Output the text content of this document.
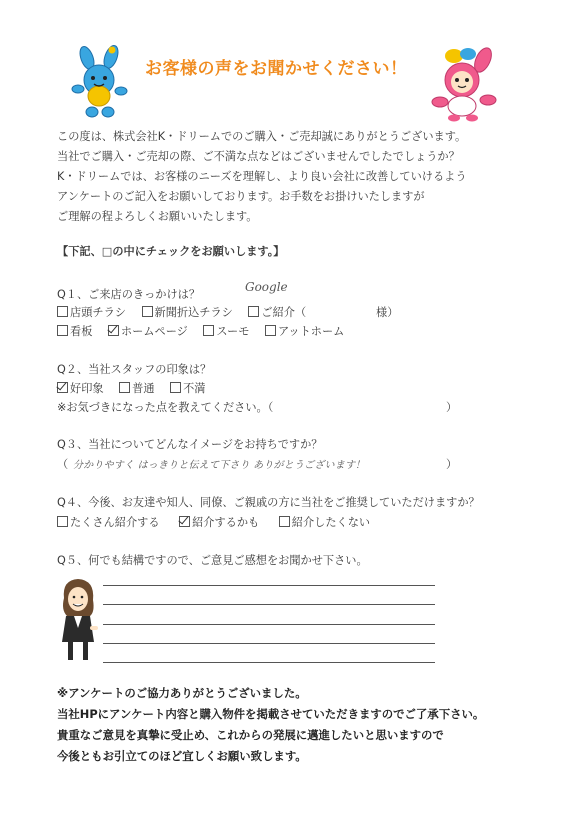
お客様の声をお聞かせください！
この度は、株式会社K・ドリームでのご購入・ご売却誠にありがとうございます。
当社でご購入・ご売却の際、ご不満な点などはございませんでしたでしょうか？
K・ドリームでは、お客様のニーズを理解し、より良い会社に改善していけるよう
アンケートのご記入をお願いしております。お手数をお掛けいたしますが
ご理解の程よろしくお願いいたします。
【下記、□の中にチェックをお願いします。】
Q１、ご来店のきっかけは？
Google
店頭チラシ	新聞折込チラシ	ご紹介（	様）
看板	ホームページ	スーモ	アットホーム
Q２、当社スタッフの印象は？
好印象	普通	不満
※お気づきになった点を教えてください。（	）
Q３、当社についてどんなイメージをお持ちですか？
（ 分かりやすく はっきりと伝えて下さり ありがとうございます！	）
Q４、今後、お友達や知人、同僚、ご親戚の方に当社をご推奨していただけますか？
たくさん紹介する	紹介するかも	紹介したくない
Q５、何でも結構ですので、ご意見ご感想をお聞かせ下さい。
※アンケートのご協力ありがとうございました。
当社HPにアンケート内容と購入物件を掲載させていただきますのでご了承下さい。
貴重なご意見を真摯に受止め、これからの発展に邁進したいと思いますので
今後ともお引立てのほど宜しくお願い致します。
